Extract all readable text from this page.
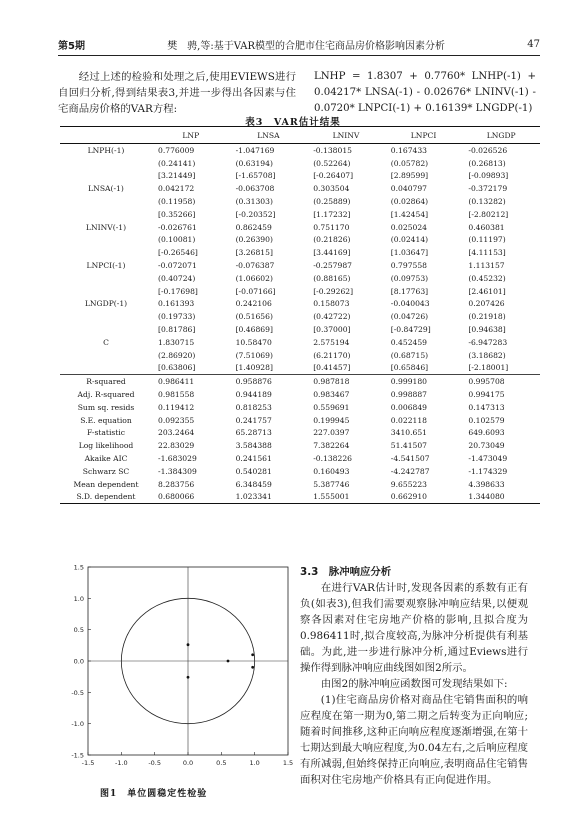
第5期	樊　骋,等:基于VAR模型的合肥市住宅商品房价格影响因素分析	47

经过上述的检验和处理之后,使用EVIEWS进行自回归分析,得到结果表3,并进一步得出各因素与住宅商品房价格的VAR方程:

LNHP = 1.8307 + 0.7760* LNHP(-1) + 0.04217* LNSA(-1) - 0.02676* LNINV(-1) - 0.0720* LNPCI(-1) + 0.16139* LNGDP(-1)
表3　VAR估计结果
	LNP	LNSA	LNINV	LNPCI	LNGDP
LNPH(-1)	0.776009	-1.047169	-0.138015	0.167433	-0.026526
	(0.24141)	(0.63194)	(0.52264)	(0.05782)	(0.26813)
	[3.21449]	[-1.65708]	[-0.26407]	[2.89599]	[-0.09893]
LNSA(-1)	0.042172	-0.063708	0.303504	0.040797	-0.372179
	(0.11958)	(0.31303)	(0.25889)	(0.02864)	(0.13282)
	[0.35266]	[-0.20352]	[1.17232]	[1.42454]	[-2.80212]
LNINV(-1)	-0.026761	0.862459	0.751170	0.025024	0.460381
	(0.10081)	(0.26390)	(0.21826)	(0.02414)	(0.11197)
	[-0.26546]	[3.26815]	[3.44169]	[1.03647]	[4.11153]
LNPCI(-1)	-0.072071	-0.076387	-0.257987	0.797558	1.113157
	(0.40724)	(1.06602)	(0.88165)	(0.09753)	(0.45232)
	[-0.17698]	[-0.07166]	[-0.29262]	[8.17763]	[2.46101]
LNGDP(-1)	0.161393	0.242106	0.158073	-0.040043	0.207426
	(0.19733)	(0.51656)	(0.42722)	(0.04726)	(0.21918)
	[0.81786]	[0.46869]	[0.37000]	[-0.84729]	[0.94638]
C	1.830715	10.58470	2.575194	0.452459	-6.947283
	(2.86920)	(7.51069)	(6.21170)	(0.68715)	(3.18682)
	[0.63806]	[1.40928]	[0.41457]	[0.65846]	[-2.18001]
R-squared	0.986411	0.958876	0.987818	0.999180	0.995708
Adj. R-squared	0.981558	0.944189	0.983467	0.998887	0.994175
Sum sq. resids	0.119412	0.818253	0.559691	0.006849	0.147313
S.E. equation	0.092355	0.241757	0.199945	0.022118	0.102579
F-statistic	203.2464	65.28713	227.0397	3410.651	649.6093
Log likelihood	22.83029	3.584388	7.382264	51.41507	20.73049
Akaike AIC	-1.683029	0.241561	-0.138226	-4.541507	-1.473049
Schwarz SC	-1.384309	0.540281	0.160493	-4.242787	-1.174329
Mean dependent	8.283756	6.348459	5.387746	9.655223	4.398633
S.D. dependent	0.680066	1.023341	1.555001	0.662910	1.344080
1.5
1.0
0.5
0.0
-0.5
-1.0
-1.5
-1.5	-1.0	-0.5	0.0	0.5	1.0	1.5
图1　单位圆稳定性检验
3.3　脉冲响应分析

在进行VAR估计时,发现各因素的系数有正有负(如表3),但我们需要观察脉冲响应结果,以便观察各因素对住宅房地产价格的影响,且拟合度为0.986411时,拟合度较高,为脉冲分析提供有利基础。为此,进一步进行脉冲分析,通过Eviews进行操作得到脉冲响应曲线图如图2所示。

由图2的脉冲响应函数图可发现结果如下:

(1)住宅商品房价格对商品住宅销售面积的响应程度在第一期为0,第二期之后转变为正向响应;随着时间推移,这种正向响应程度逐渐增强,在第十七期达到最大响应程度,为0.04左右,之后响应程度有所减弱,但始终保持正向响应,表明商品住宅销售面积对住宅房地产价格具有正向促进作用。
